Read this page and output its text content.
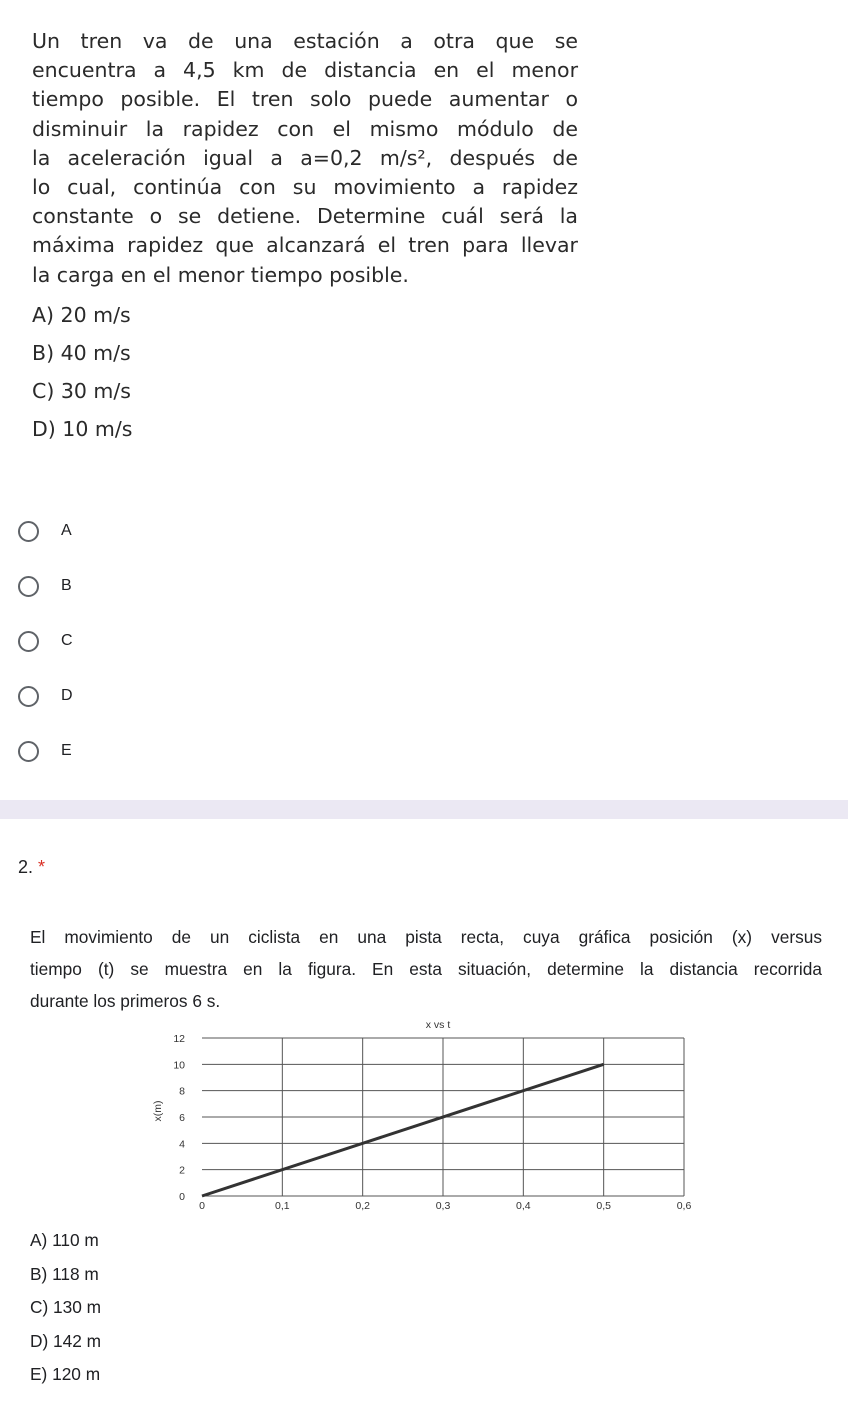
Un tren va de una estación a otra que se
encuentra a 4,5 km de distancia en el menor
tiempo posible. El tren solo puede aumentar o
disminuir la rapidez con el mismo módulo de
la aceleración igual a a=0,2 m/s², después de
lo cual, continúa con su movimiento a rapidez
constante o se detiene. Determine cuál será la
máxima rapidez que alcanzará el tren para llevar
la carga en el menor tiempo posible.
A) 20 m/s
B) 40 m/s
C) 30 m/s
D) 10 m/s
A
B
C
D
E
2. *
El movimiento de un ciclista en una pista recta, cuya gráfica posición (x) versus
tiempo (t) se muestra en la figura. En esta situación, determine la distancia recorrida
durante los primeros 6 s.
0
2
4
6
8
10
12
0	0,1	0,2	0,3	0,4	0,5	0,6
x vs t
x(m)
A) 110 m
B) 118 m
C) 130 m
D) 142 m
E) 120 m
